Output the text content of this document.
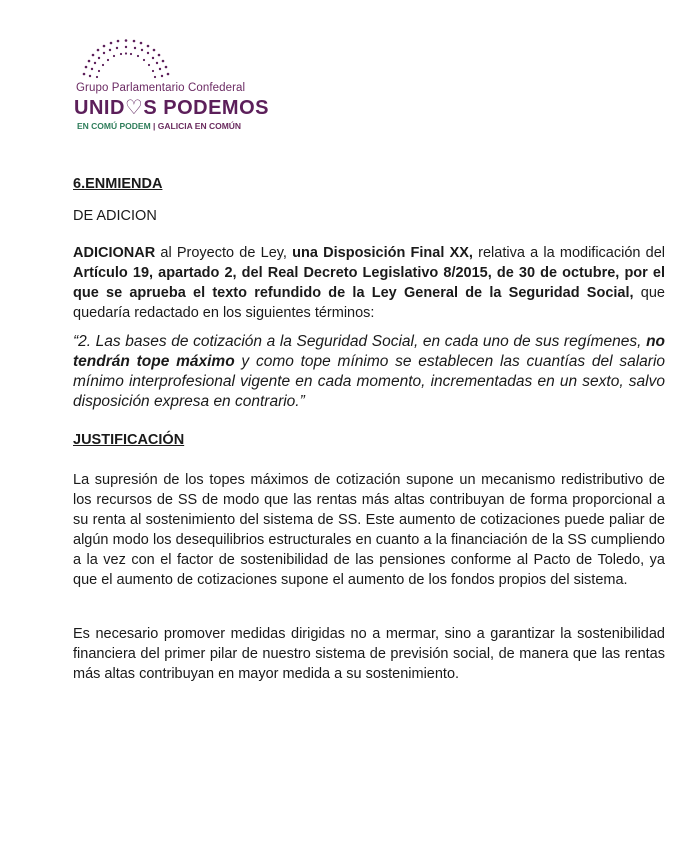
Grupo Parlamentario Confederal
UNID♡S PODEMOS
EN COMÚ PODEM | GALICIA EN COMÚN
6.ENMIENDA
DE ADICION
ADICIONAR al Proyecto de Ley, una Disposición Final XX, relativa a la modificación del Artículo 19, apartado 2, del Real Decreto Legislativo 8/2015, de 30 de octubre, por el que se aprueba el texto refundido de la Ley General de la Seguridad Social, que quedaría redactado en los siguientes términos:
“2. Las bases de cotización a la Seguridad Social, en cada uno de sus regímenes, no tendrán tope máximo y como tope mínimo se establecen las cuantías del salario mínimo interprofesional vigente en cada momento, incrementadas en un sexto, salvo disposición expresa en contrario.”
JUSTIFICACIÓN
La supresión de los topes máximos de cotización supone un mecanismo redistributivo de los recursos de SS de modo que las rentas más altas contribuyan de forma proporcional a su renta al sostenimiento del sistema de SS. Este aumento de cotizaciones puede paliar de algún modo los desequilibrios estructurales en cuanto a la financiación de la SS cumpliendo a la vez con el factor de sostenibilidad de las pensiones conforme al Pacto de Toledo, ya que el aumento de cotizaciones supone el aumento de los fondos propios del sistema.
Es necesario promover medidas dirigidas no a mermar, sino a garantizar la sostenibilidad financiera del primer pilar de nuestro sistema de previsión social, de manera que las rentas más altas contribuyan en mayor medida a su sostenimiento.
